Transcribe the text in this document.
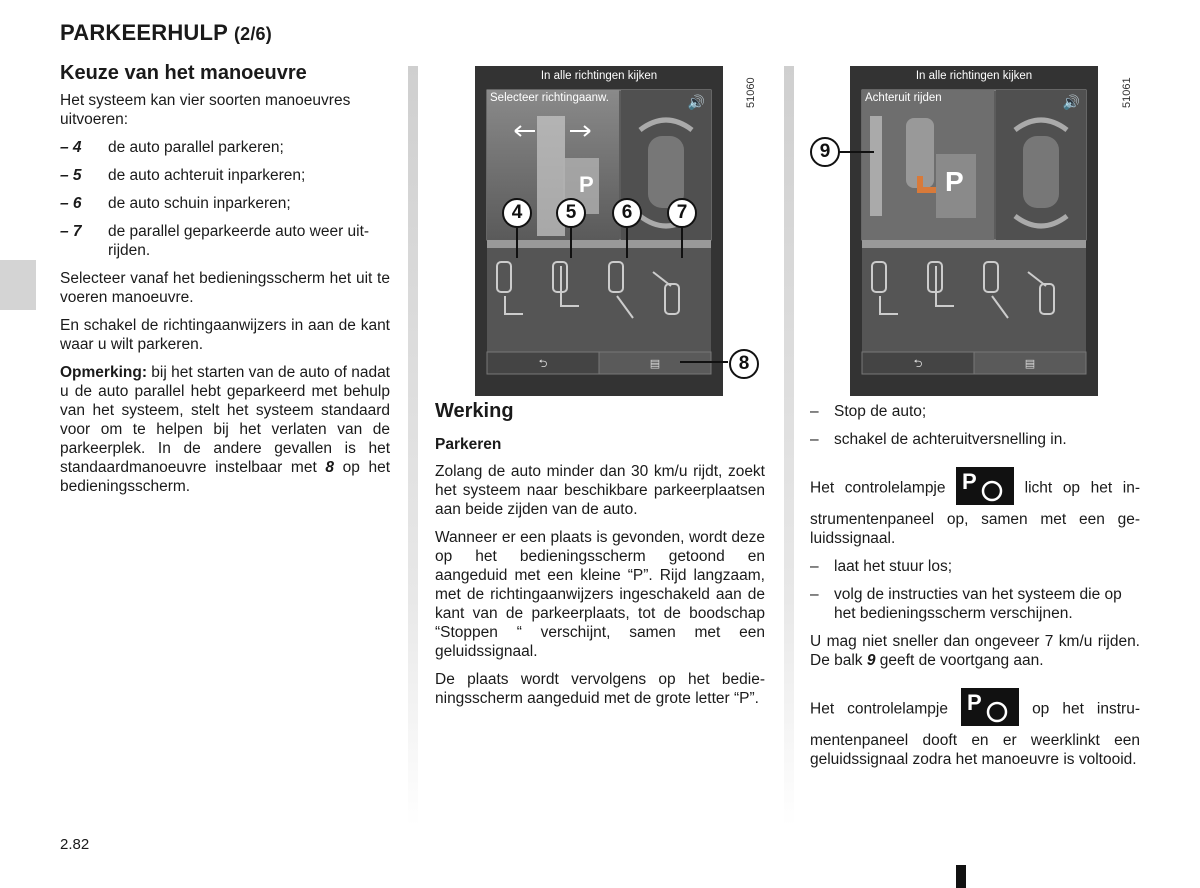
PARKEERHULP (2/6)
Keuze van het manoeuvre

Het systeem kan vier soorten manoeuvres uitvoeren:

– 4	de auto parallel parkeren;
– 5	de auto achteruit inparkeren;
– 6	de auto schuin inparkeren;
– 7	de parallel geparkeerde auto weer uitrijden.

Selecteer vanaf het bedieningsscherm het uit te voeren manoeuvre.

En schakel de richtingaanwijzers in aan de kant waar u wilt parkeren.

Opmerking: bij het starten van de auto of nadat u de auto parallel hebt geparkeerd met behulp van het systeem, stelt het systeem standaard voor om te helpen bij het verlaten van de parkeerplek. In de andere gevallen is het standaardmanoeuvre instelbaar met 8 op het bedieningsscherm.

⮌	▤
In alle richtingen kijken
Selecteer richtingaanw.	🔊
P
51060
4	5	6	7
8
Werking
Parkeren

Zolang de auto minder dan 30 km/u rijdt, zoekt het systeem naar beschikbare parkeerplaatsen aan beide zijden van de auto.

Wanneer er een plaats is gevonden, wordt deze op het bedieningsscherm getoond en aangeduid met een kleine “P”. Rijd langzaam, met de richtingaanwijzers ingeschakeld aan de kant van de parkeerplaats, tot de boodschap “Stoppen “ verschijnt, samen met een geluidssignaal.

De plaats wordt vervolgens op het bedieningsscherm aangeduid met de grote letter “P”.

⮌	▤
In alle richtingen kijken
Achteruit rijden	🔊
P
51061
9
– Stop de auto;
– schakel de achteruitversnelling in.

Het controlelampje P	licht op het instrumentenpaneel op, samen met een geluidssignaal.

– laat het stuur los;
– volg de instructies van het systeem die op het bedieningsscherm verschijnen.

U mag niet sneller dan ongeveer 7 km/u rijden. De balk 9 geeft de voortgang aan.

Het controlelampje P	op het instrumentenpaneel dooft en er weerklinkt een geluidssignaal zodra het manoeuvre is voltooid.

2.82
